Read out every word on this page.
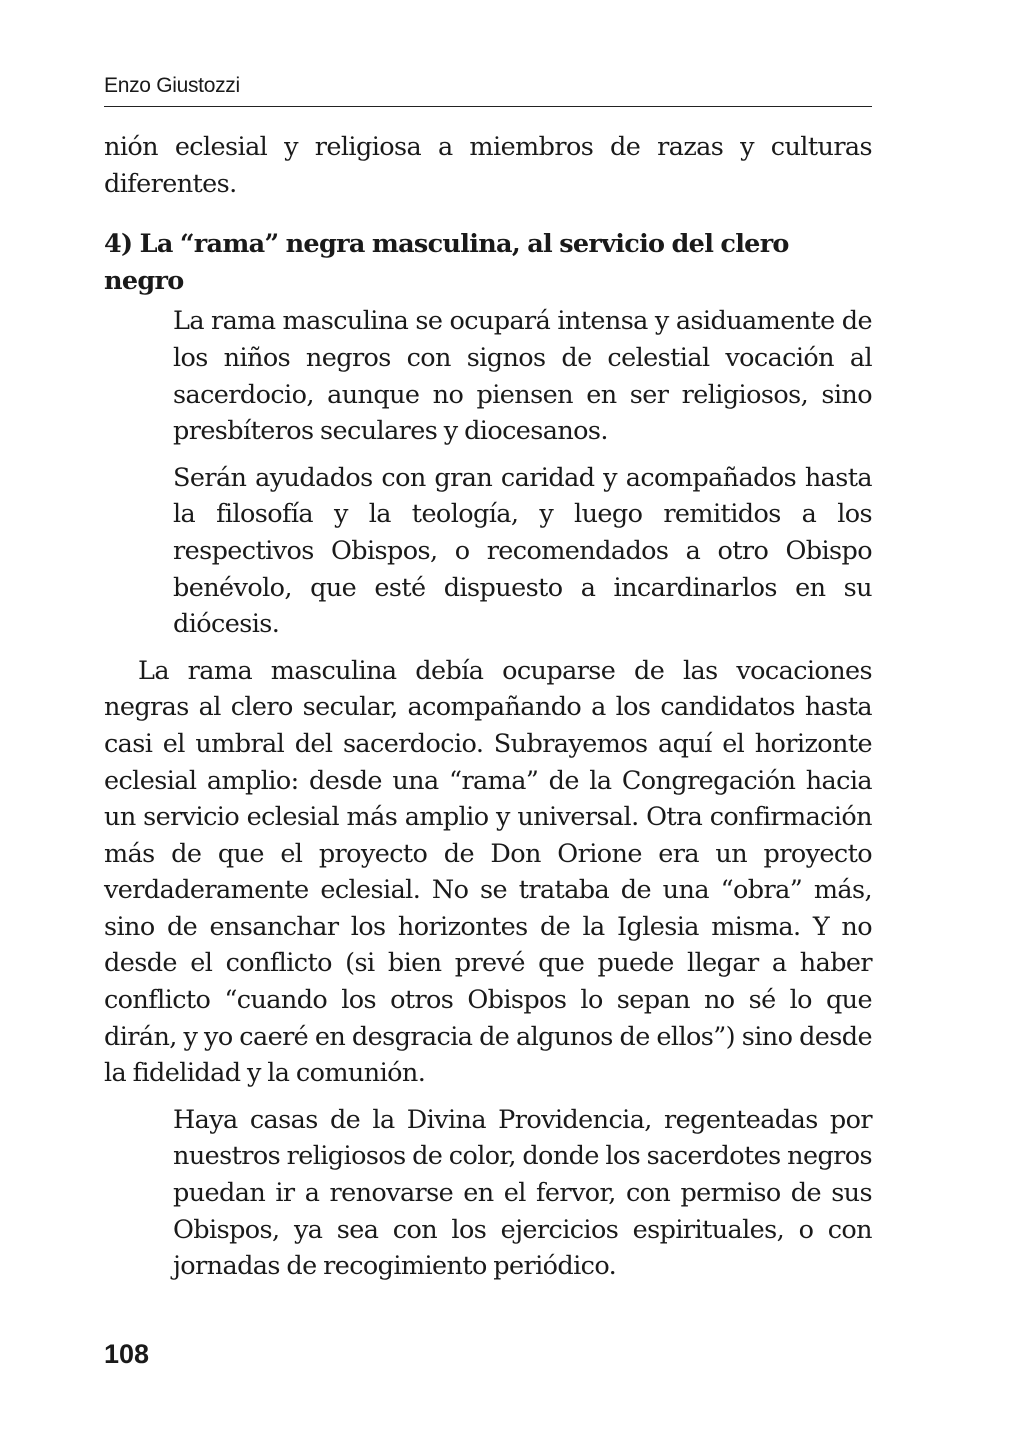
Enzo Giustozzi

nión eclesial y religiosa a miembros de razas y culturas diferentes.

4) La “rama” negra masculina, al servicio del clero negro

La rama masculina se ocupará intensa y asiduamente de los niños negros con signos de celestial vocación al sacerdocio, aunque no piensen en ser religiosos, sino presbíteros seculares y diocesanos.

Serán ayudados con gran caridad y acompañados hasta la filosofía y la teología, y luego remitidos a los respectivos Obispos, o recomendados a otro Obispo benévolo, que esté dispuesto a incardinarlos en su diócesis.

La rama masculina debía ocuparse de las vocaciones negras al clero secular, acompañando a los candidatos hasta casi el umbral del sacerdocio. Subrayemos aquí el horizonte eclesial amplio: desde una “rama” de la Congregación hacia un servicio eclesial más amplio y universal. Otra confirmación más de que el proyecto de Don Orione era un proyecto verdaderamente eclesial. No se trataba de una “obra” más, sino de ensanchar los horizontes de la Iglesia misma. Y no desde el conflicto (si bien prevé que puede llegar a haber conflicto “cuando los otros Obispos lo sepan no sé lo que dirán, y yo caeré en desgracia de algunos de ellos”) sino desde la fidelidad y la comunión.

Haya casas de la Divina Providencia, regenteadas por nuestros religiosos de color, donde los sacerdotes negros puedan ir a renovarse en el fervor, con permiso de sus Obispos, ya sea con los ejercicios espirituales, o con jornadas de recogimiento periódico.

108
